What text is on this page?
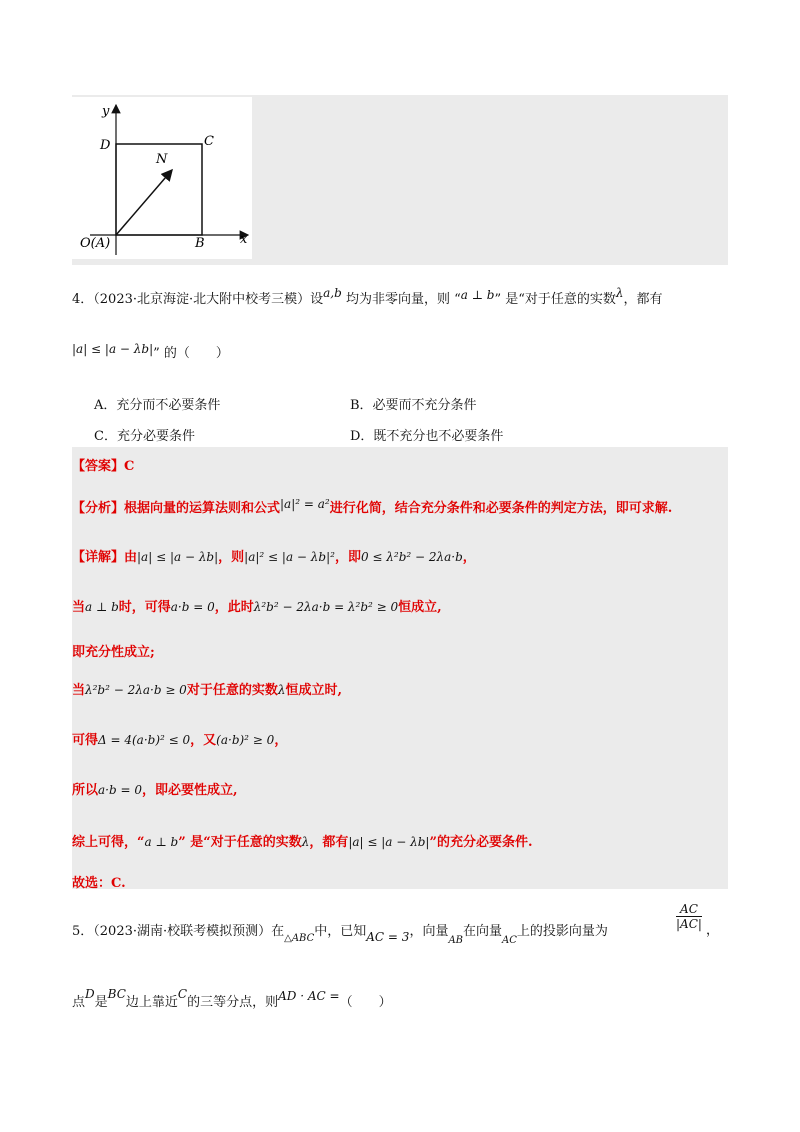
y
x
D	C
N
O(A)	B
4．（2023·北京海淀·北大附中校考三模）设a,b 均为非零向量，则 “a ⊥ b” 是“对于任意的实数λ，都有
|a| ≤ |a − λb|” 的（　　）
A．充分而不必要条件	B．必要而不充分条件
C．充分必要条件	D．既不充分也不必要条件
【答案】C
【分析】根据向量的运算法则和公式|a|² = a²进行化简，结合充分条件和必要条件的判定方法，即可求解.
【详解】由|a| ≤ |a − λb|，则|a|² ≤ |a − λb|²，即0 ≤ λ²b² − 2λa·b，
当a ⊥ b时，可得a·b = 0，此时λ²b² − 2λa·b = λ²b² ≥ 0恒成立,
即充分性成立;
当λ²b² − 2λa·b ≥ 0对于任意的实数λ恒成立时,
可得Δ = 4(a·b)² ≤ 0，又(a·b)² ≥ 0，
所以a·b = 0，即必要性成立,
综上可得，“a ⊥ b” 是“对于任意的实数λ，都有|a| ≤ |a − λb|”的充分必要条件.
故选：C.
5．（2023·湖南·校联考模拟预测）在$_{\triangle ABC}$中，已知AC = 3，向量$_{AB}$在向量$_{AC}$上的投影向量为
$\frac{AC}{|AC|}$ ，
点D是BC边上靠近C的三等分点，则AD · AC =（　　）
